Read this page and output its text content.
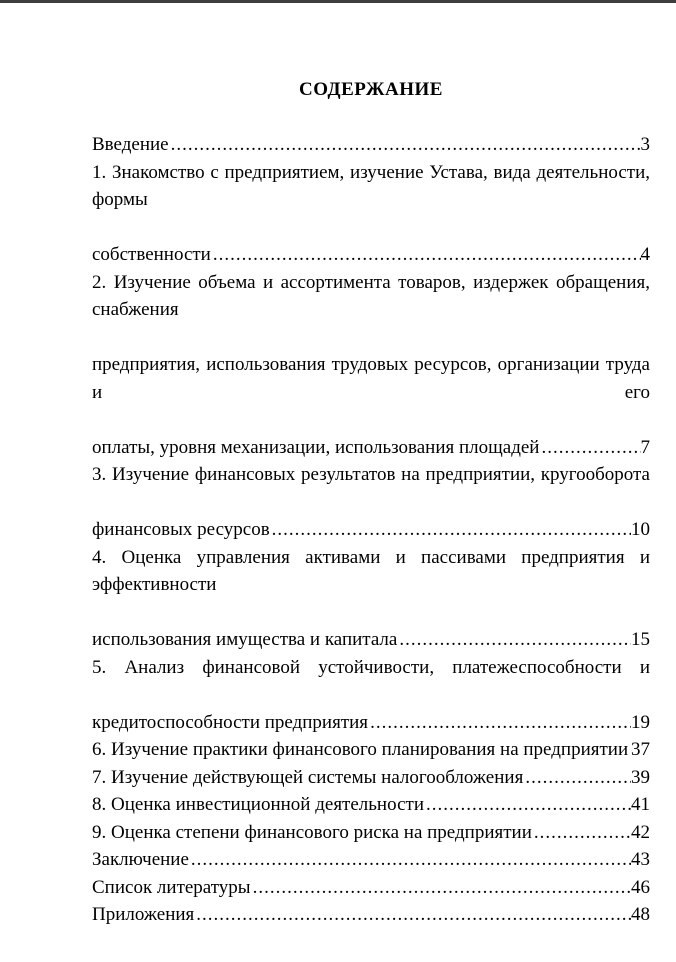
СОДЕРЖАНИЕ
Введение .....	3
1. Знакомство с предприятием, изучение Устава, вида деятельности, формы
собственности .....	4
2. Изучение объема и ассортимента товаров, издержек обращения, снабжения
предприятия, использования трудовых ресурсов, организации труда и его
оплаты, уровня механизации, использования площадей .....	7
3. Изучение финансовых результатов на предприятии, кругооборота
финансовых ресурсов .....	10
4. Оценка управления активами и пассивами предприятия и эффективности
использования имущества и капитала .....	15
5. Анализ финансовой устойчивости, платежеспособности и
кредитоспособности предприятия .....	19
6. Изучение практики финансового планирования на предприятии ..... 37
7. Изучение действующей системы налогообложения .....	39
8. Оценка инвестиционной деятельности .....	41
9. Оценка степени финансового риска на предприятии .....	42
Заключение .....	43
Список литературы .....	46
Приложения .....	48
